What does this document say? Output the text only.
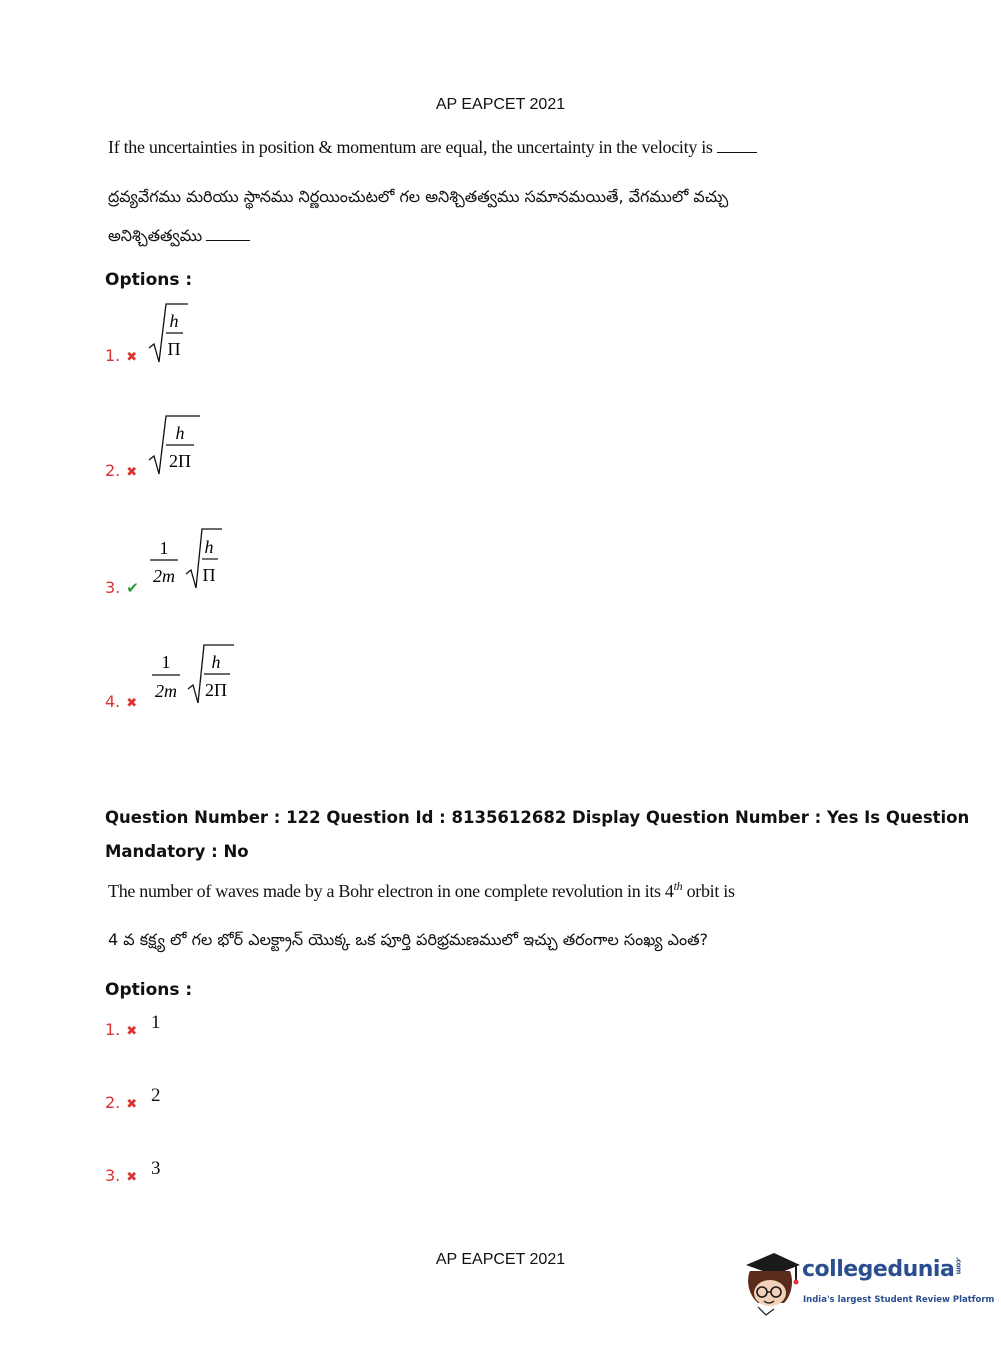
AP EAPCET 2021
If the uncertainties in position & momentum are equal, the uncertainty in the velocity is
ద్రవ్యవేగము మరియు స్థానము నిర్ణయించుటలో గల అనిశ్చితత్వము సమానమయితే, వేగములో వచ్చు
అనిశ్చితత్వము
Options :
1. ✖
h
Π
2. ✖
h
2Π
3. ✔
1
2m
h
Π
4. ✖
1
2m
h
2Π
Question Number : 122 Question Id : 8135612682 Display Question Number : Yes Is Question
Mandatory : No
The number of waves made by a Bohr electron in one complete revolution in its 4th orbit is
4 వ కక్ష్య లో గల భోర్ ఎలక్ట్రాన్ యొక్క ఒక పూర్తి పరిభ్రమణములో ఇచ్చు తరంగాల సంఖ్య ఎంత?
Options :
1. ✖ 1
2. ✖ 2
3. ✖ 3
AP EAPCET 2021	collegedunia.com
India's largest Student Review Platform
